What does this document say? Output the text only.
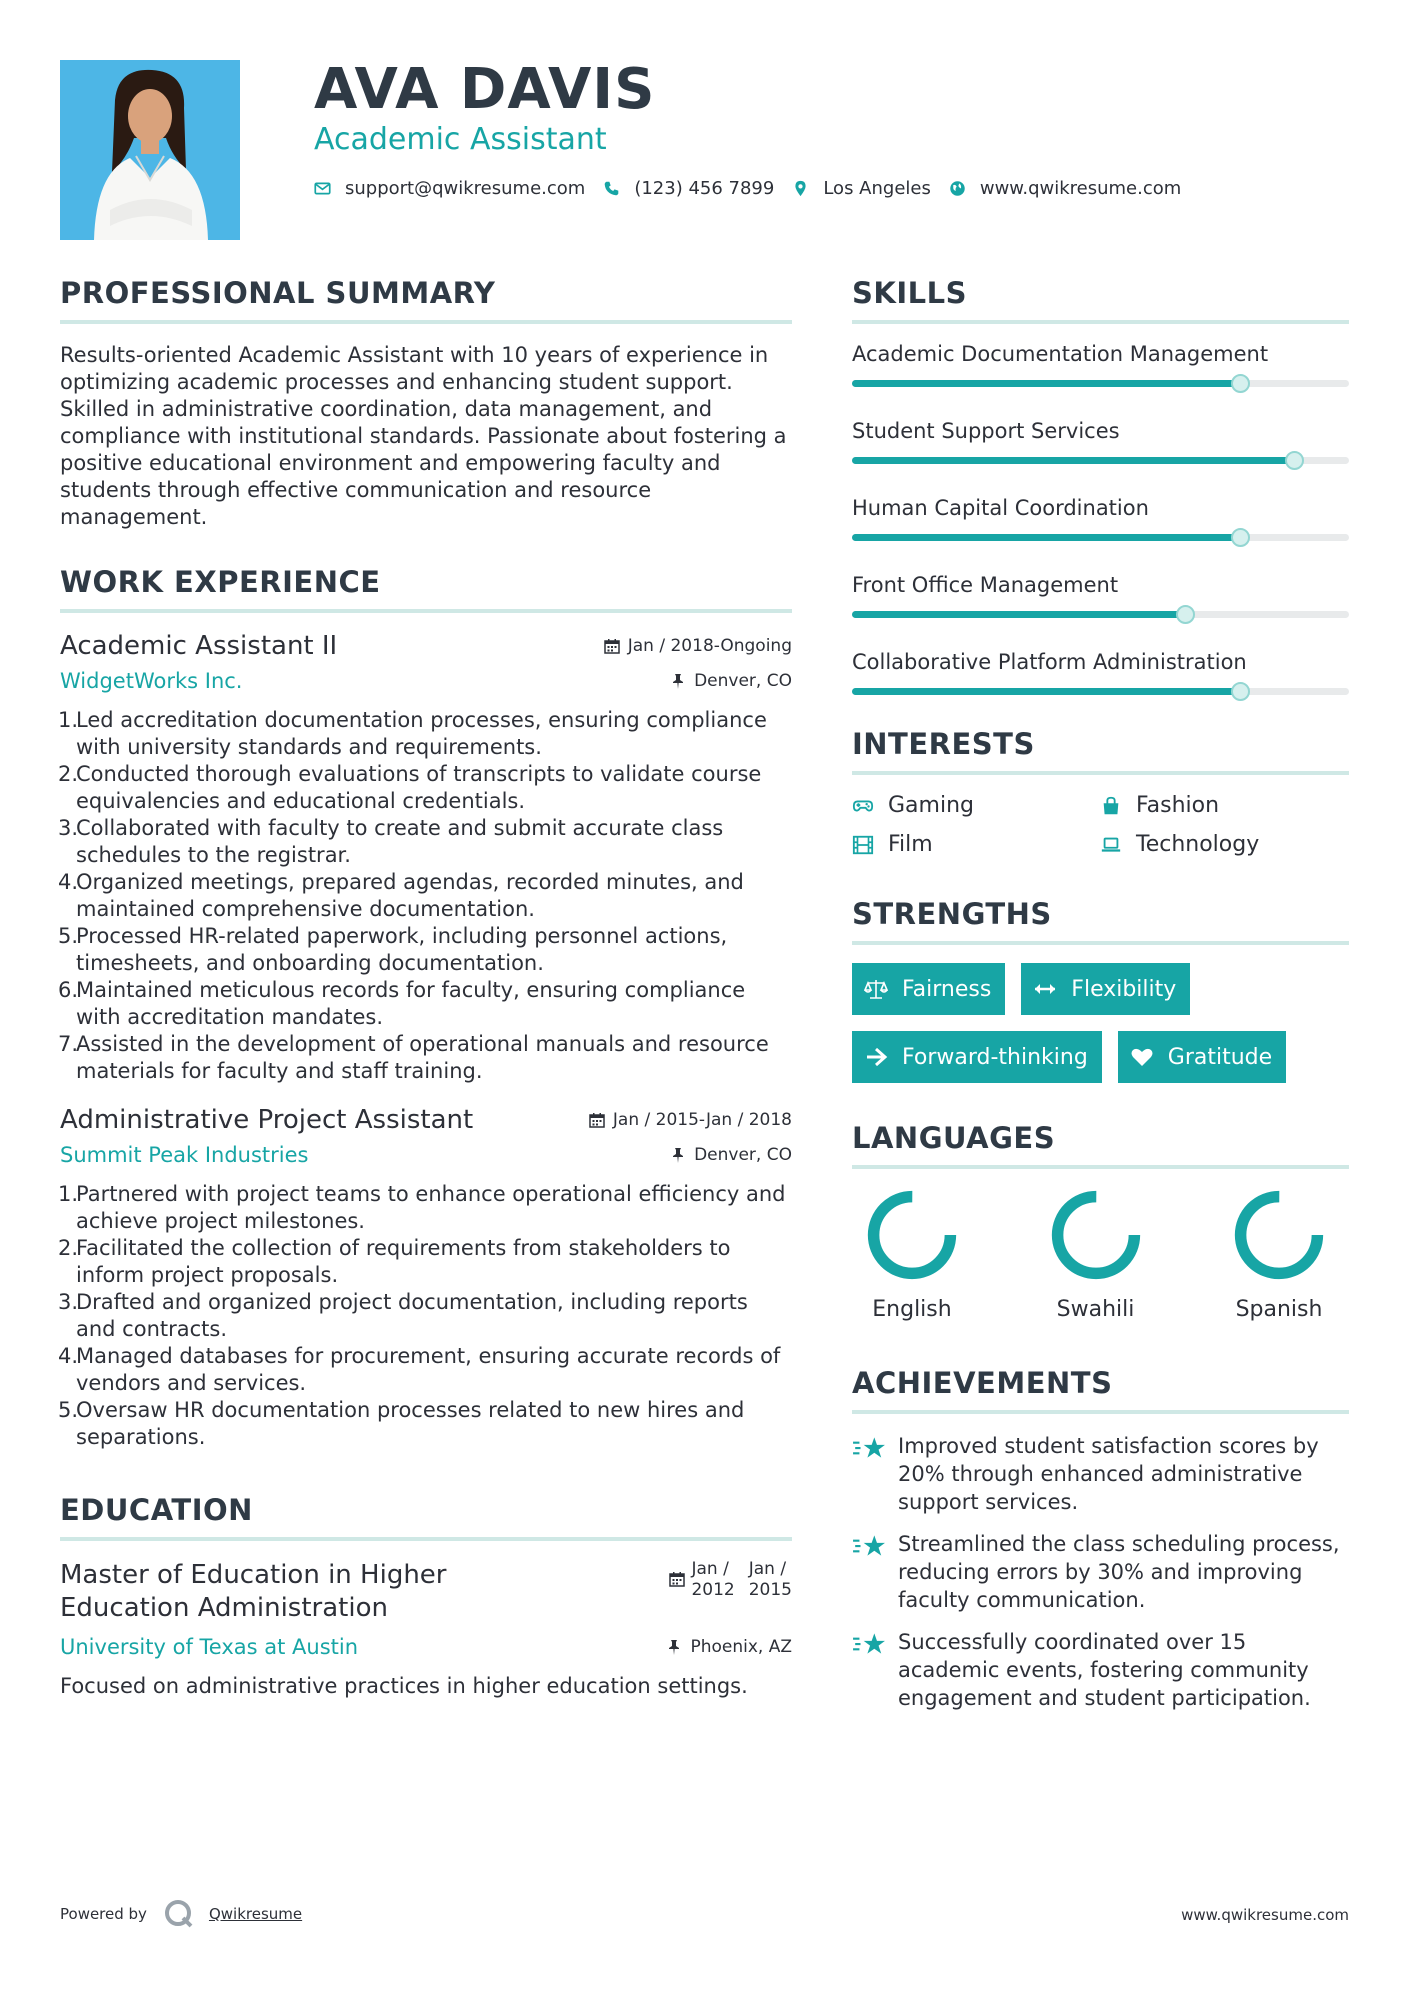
AVA DAVIS
Academic Assistant
support@qwikresume.com	(123) 456 7899	Los Angeles	www.qwikresume.com
PROFESSIONAL SUMMARY

Results-oriented Academic Assistant with 10 years of experience in optimizing academic processes and enhancing student support. Skilled in administrative coordination, data management, and compliance with institutional standards. Passionate about fostering a positive educational environment and empowering faculty and students through effective communication and resource management.

WORK EXPERIENCE
Academic Assistant II	Jan / 2018-Ongoing
WidgetWorks Inc.	Denver, CO
1.
Led accreditation documentation processes, ensuring compliance with university standards and requirements.
2.
Conducted thorough evaluations of transcripts to validate course equivalencies and educational credentials.
3.
Collaborated with faculty to create and submit accurate class schedules to the registrar.
4.
Organized meetings, prepared agendas, recorded minutes, and maintained comprehensive documentation.
5.
Processed HR-related paperwork, including personnel actions, timesheets, and onboarding documentation.
6.
Maintained meticulous records for faculty, ensuring compliance with accreditation mandates.
7.
Assisted in the development of operational manuals and resource materials for faculty and staff training.
Administrative Project Assistant	Jan / 2015-Jan / 2018
Summit Peak Industries	Denver, CO
1.
Partnered with project teams to enhance operational efficiency and achieve project milestones.
2.
Facilitated the collection of requirements from stakeholders to inform project proposals.
3.
Drafted and organized project documentation, including reports and contracts.
4.
Managed databases for procurement, ensuring accurate records of vendors and services.
5.
Oversaw HR documentation processes related to new hires and separations.
EDUCATION
Master of Education in Higher Education Administration
Jan /
2012
Jan /
2015
University of Texas at Austin	Phoenix, AZ

Focused on administrative practices in higher education settings.

SKILLS
Academic Documentation Management
Student Support Services
Human Capital Coordination
Front Office Management
Collaborative Platform Administration
INTERESTS
Gaming	Fashion
Film	Technology
STRENGTHS
Fairness	Flexibility
Forward-thinking	Gratitude
LANGUAGES
English	Swahili	Spanish
ACHIEVEMENTS
Improved student satisfaction scores by 20% through enhanced administrative support services.
Streamlined the class scheduling process, reducing errors by 30% and improving faculty communication.
Successfully coordinated over 15 academic events, fostering community engagement and student participation.
Powered by	Qwikresume	www.qwikresume.com
